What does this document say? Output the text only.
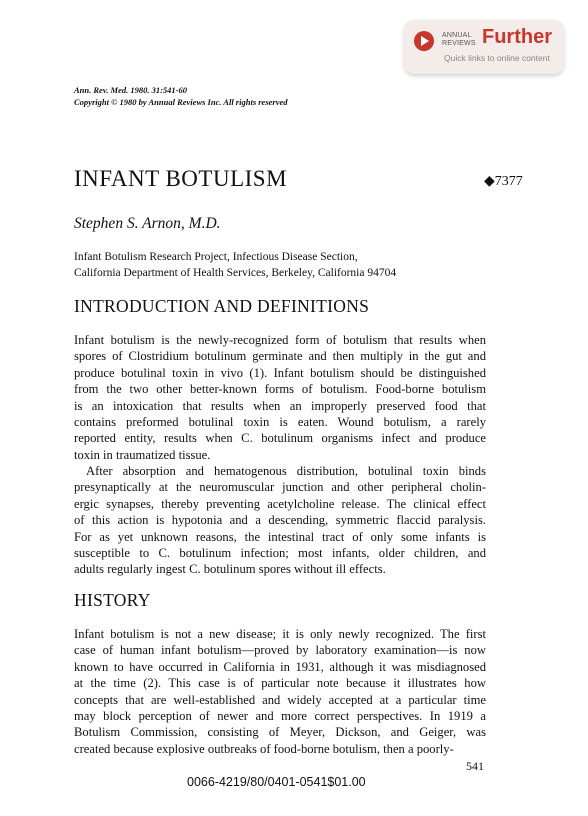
ANNUAL
REVIEWS Further
Quick links to online content
Ann. Rev. Med. 1980. 31:541-60
Copyright © 1980 by Annual Reviews Inc. All rights reserved
INFANT BOTULISM	◆7377
Stephen S. Arnon, M.D.
Infant Botulism Research Project, Infectious Disease Section,
California Department of Health Services, Berkeley, California 94704
INTRODUCTION AND DEFINITIONS

Infant botulism is the newly-recognized form of botulism that results when
spores of Clostridium botulinum germinate and then multiply in the gut and
produce botulinal toxin in vivo (1). Infant botulism should be distinguished
from the two other better-known forms of botulism. Food-borne botulism
is an intoxication that results when an improperly preserved food that
contains preformed botulinal toxin is eaten. Wound botulism, a rarely
reported entity, results when C. botulinum organisms infect and produce
toxin in traumatized tissue.

After absorption and hematogenous distribution, botulinal toxin binds
presynaptically at the neuromuscular junction and other peripheral cholin-
ergic synapses, thereby preventing acetylcholine release. The clinical effect
of this action is hypotonia and a descending, symmetric flaccid paralysis.
For as yet unknown reasons, the intestinal tract of only some infants is
susceptible to C. botulinum infection; most infants, older children, and
adults regularly ingest C. botulinum spores without ill effects.

HISTORY

Infant botulism is not a new disease; it is only newly recognized. The first
case of human infant botulism—proved by laboratory examination—is now
known to have occurred in California in 1931, although it was misdiagnosed
at the time (2). This case is of particular note because it illustrates how
concepts that are well-established and widely accepted at a particular time
may block perception of newer and more correct perspectives. In 1919 a
Botulism Commission, consisting of Meyer, Dickson, and Geiger, was
created because explosive outbreaks of food-borne botulism, then a poorly-

541
0066-4219/80/0401-0541$01.00
